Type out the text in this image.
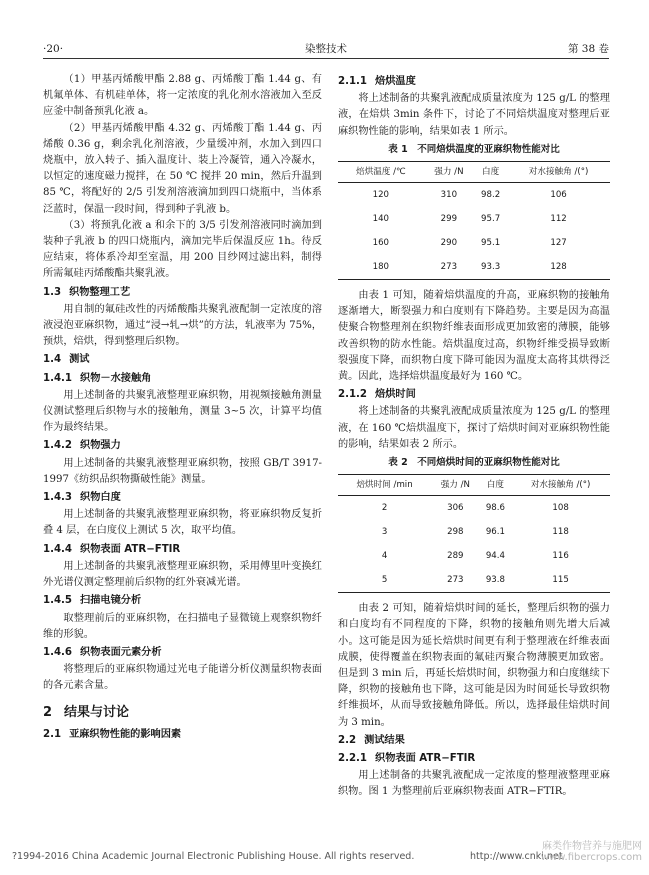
·20·	染整技术	第 38 卷

（1）甲基丙烯酸甲酯 2.88 g、丙烯酸丁酯 1.44 g、有机氟单体、有机硅单体，将一定浓度的乳化剂水溶液加入至反应釜中制备预乳化液 a。

（2）甲基丙烯酸甲酯 4.32 g、丙烯酸丁酯 1.44 g、丙烯酸 0.36 g，剩余乳化剂溶液，少量缓冲剂，水加入到四口烧瓶中，放入转子、插入温度计、装上冷凝管，通入冷凝水，以恒定的速度磁力搅拌，在 50 ℃ 搅拌 20 min，然后升温到 85 ℃，将配好的 2/5 引发剂溶液滴加到四口烧瓶中，当体系泛蓝时，保温一段时间，得到种子乳液 b。

（3）将预乳化液 a 和余下的 3/5 引发剂溶液同时滴加到装种子乳液 b 的四口烧瓶内，滴加完毕后保温反应 1h。待反应结束，将体系冷却至室温，用 200 目纱网过滤出料，制得所需氟硅丙烯酸酯共聚乳液。

1.3 织物整理工艺

用自制的氟硅改性的丙烯酸酯共聚乳液配制一定浓度的溶液浸泡亚麻织物，通过“浸→轧→烘”的方法，轧液率为 75%，预烘，焙烘，得到整理后织物。

1.4 测试
1.4.1 织物－水接触角

用上述制备的共聚乳液整理亚麻织物，用视频接触角测量仪测试整理后织物与水的接触角，测量 3~5 次，计算平均值作为最终结果。

1.4.2 织物强力

用上述制备的共聚乳液整理亚麻织物，按照 GB/T 3917-1997《纺织品织物撕破性能》测量。

1.4.3 织物白度

用上述制备的共聚乳液整理亚麻织物，将亚麻织物反复折叠 4 层，在白度仪上测试 5 次，取平均值。

1.4.4 织物表面 ATR−FTIR

用上述制备的共聚乳液整理亚麻织物，采用傅里叶变换红外光谱仪测定整理前后织物的红外衰减光谱。

1.4.5 扫描电镜分析

取整理前后的亚麻织物，在扫描电子显微镜上观察织物纤维的形貌。

1.4.6 织物表面元素分析

将整理后的亚麻织物通过光电子能谱分析仪测量织物表面的各元素含量。

2 结果与讨论
2.1 亚麻织物性能的影响因素
2.1.1 焙烘温度

将上述制备的共聚乳液配成质量浓度为 125 g/L 的整理液，在焙烘 3min 条件下，讨论了不同焙烘温度对整理后亚麻织物性能的影响，结果如表 1 所示。

表 1　不同焙烘温度的亚麻织物性能对比
焙烘温度 /℃	强力 /N	白度	对水接触角 /(°)
120	310	98.2	106
140	299	95.7	112
160	290	95.1	127
180	273	93.3	128

由表 1 可知，随着焙烘温度的升高，亚麻织物的接触角逐渐增大，断裂强力和白度则有下降趋势。主要是因为高温使聚合物整理剂在织物纤维表面形成更加致密的薄膜，能够改善织物的防水性能。焙烘温度过高，织物纤维受损导致断裂强度下降，而织物白度下降可能因为温度太高将其烘得泛黄。因此，选择焙烘温度最好为 160 ℃。

2.1.2 焙烘时间

将上述制备的共聚乳液配成质量浓度为 125 g/L 的整理液，在 160 ℃焙烘温度下，探讨了焙烘时间对亚麻织物性能的影响，结果如表 2 所示。

表 2　不同焙烘时间的亚麻织物性能对比
焙烘时间 /min	强力 /N	白度	对水接触角 /(°)
2	306	98.6	108
3	298	96.1	118
4	289	94.4	116
5	273	93.8	115

由表 2 可知，随着焙烘时间的延长，整理后织物的强力和白度均有不同程度的下降，织物的接触角则先增大后减小。这可能是因为延长焙烘时间更有利于整理液在纤维表面成膜，使得覆盖在织物表面的氟硅丙聚合物薄膜更加致密。但是到 3 min 后，再延长焙烘时间，织物强力和白度继续下降，织物的接触角也下降，这可能是因为时间延长导致织物纤维损坏，从而导致接触角降低。所以，选择最佳焙烘时间为 3 min。

2.2 测试结果
2.2.1 织物表面 ATR−FTIR

用上述制备的共聚乳液配成一定浓度的整理液整理亚麻织物。图 1 为整理前后亚麻织物表面 ATR−FTIR。

?1994-2016 China Academic Journal Electronic Publishing House. All rights reserved.	http://www.cnki.net
麻类作物营养与施肥网
www.fibercrops.com
